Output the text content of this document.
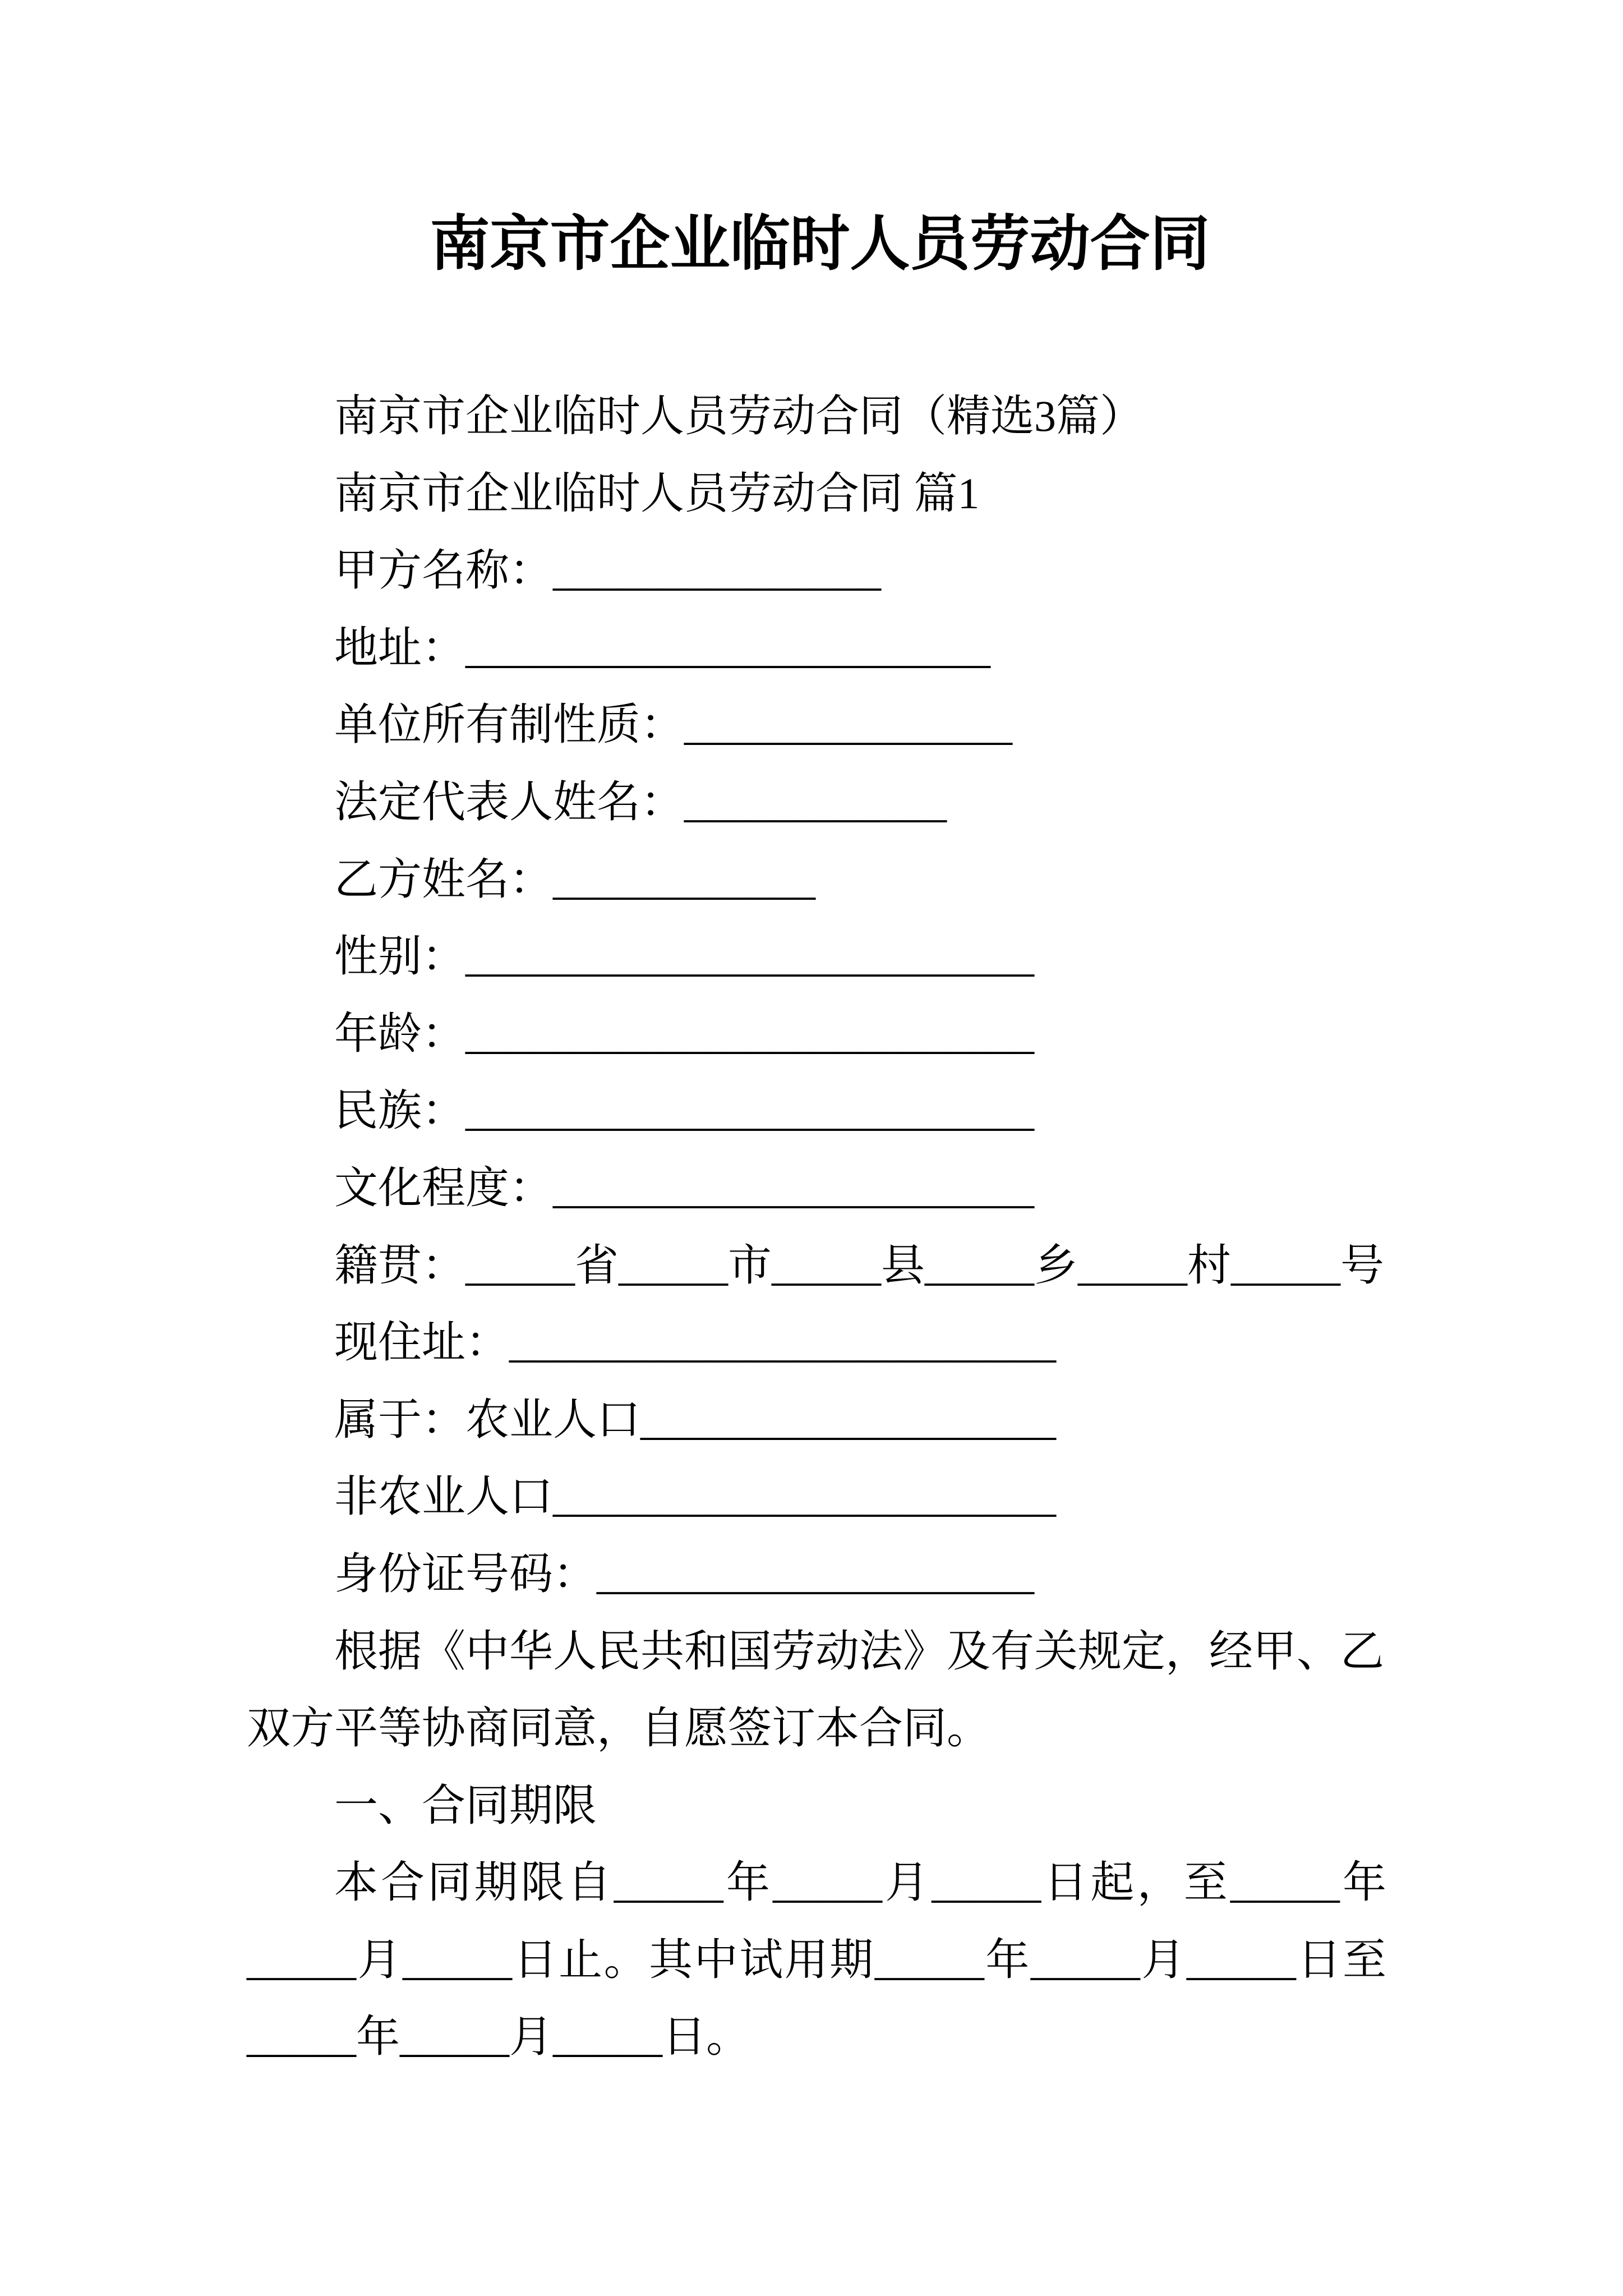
南京市企业临时人员劳动合同
南京市企业临时人员劳动合同（精选3篇）
南京市企业临时人员劳动合同 篇1
甲方名称：_______________
地址：________________________
单位所有制性质：_______________
法定代表人姓名：____________
乙方姓名：____________
性别：__________________________
年龄：__________________________
民族：__________________________
文化程度：______________________
籍贯：_____省_____市_____县_____乡_____村_____号
现住址：_________________________
属于：农业人口___________________
非农业人口_______________________
身份证号码：____________________
根据《中华人民共和国劳动法》及有关规定，经甲、乙
双方平等协商同意，自愿签订本合同。
一、合同期限
本合同期限自_____年_____月_____日起，至_____年
_____月_____日止。其中试用期_____年_____月_____日至
_____年_____月_____日。
